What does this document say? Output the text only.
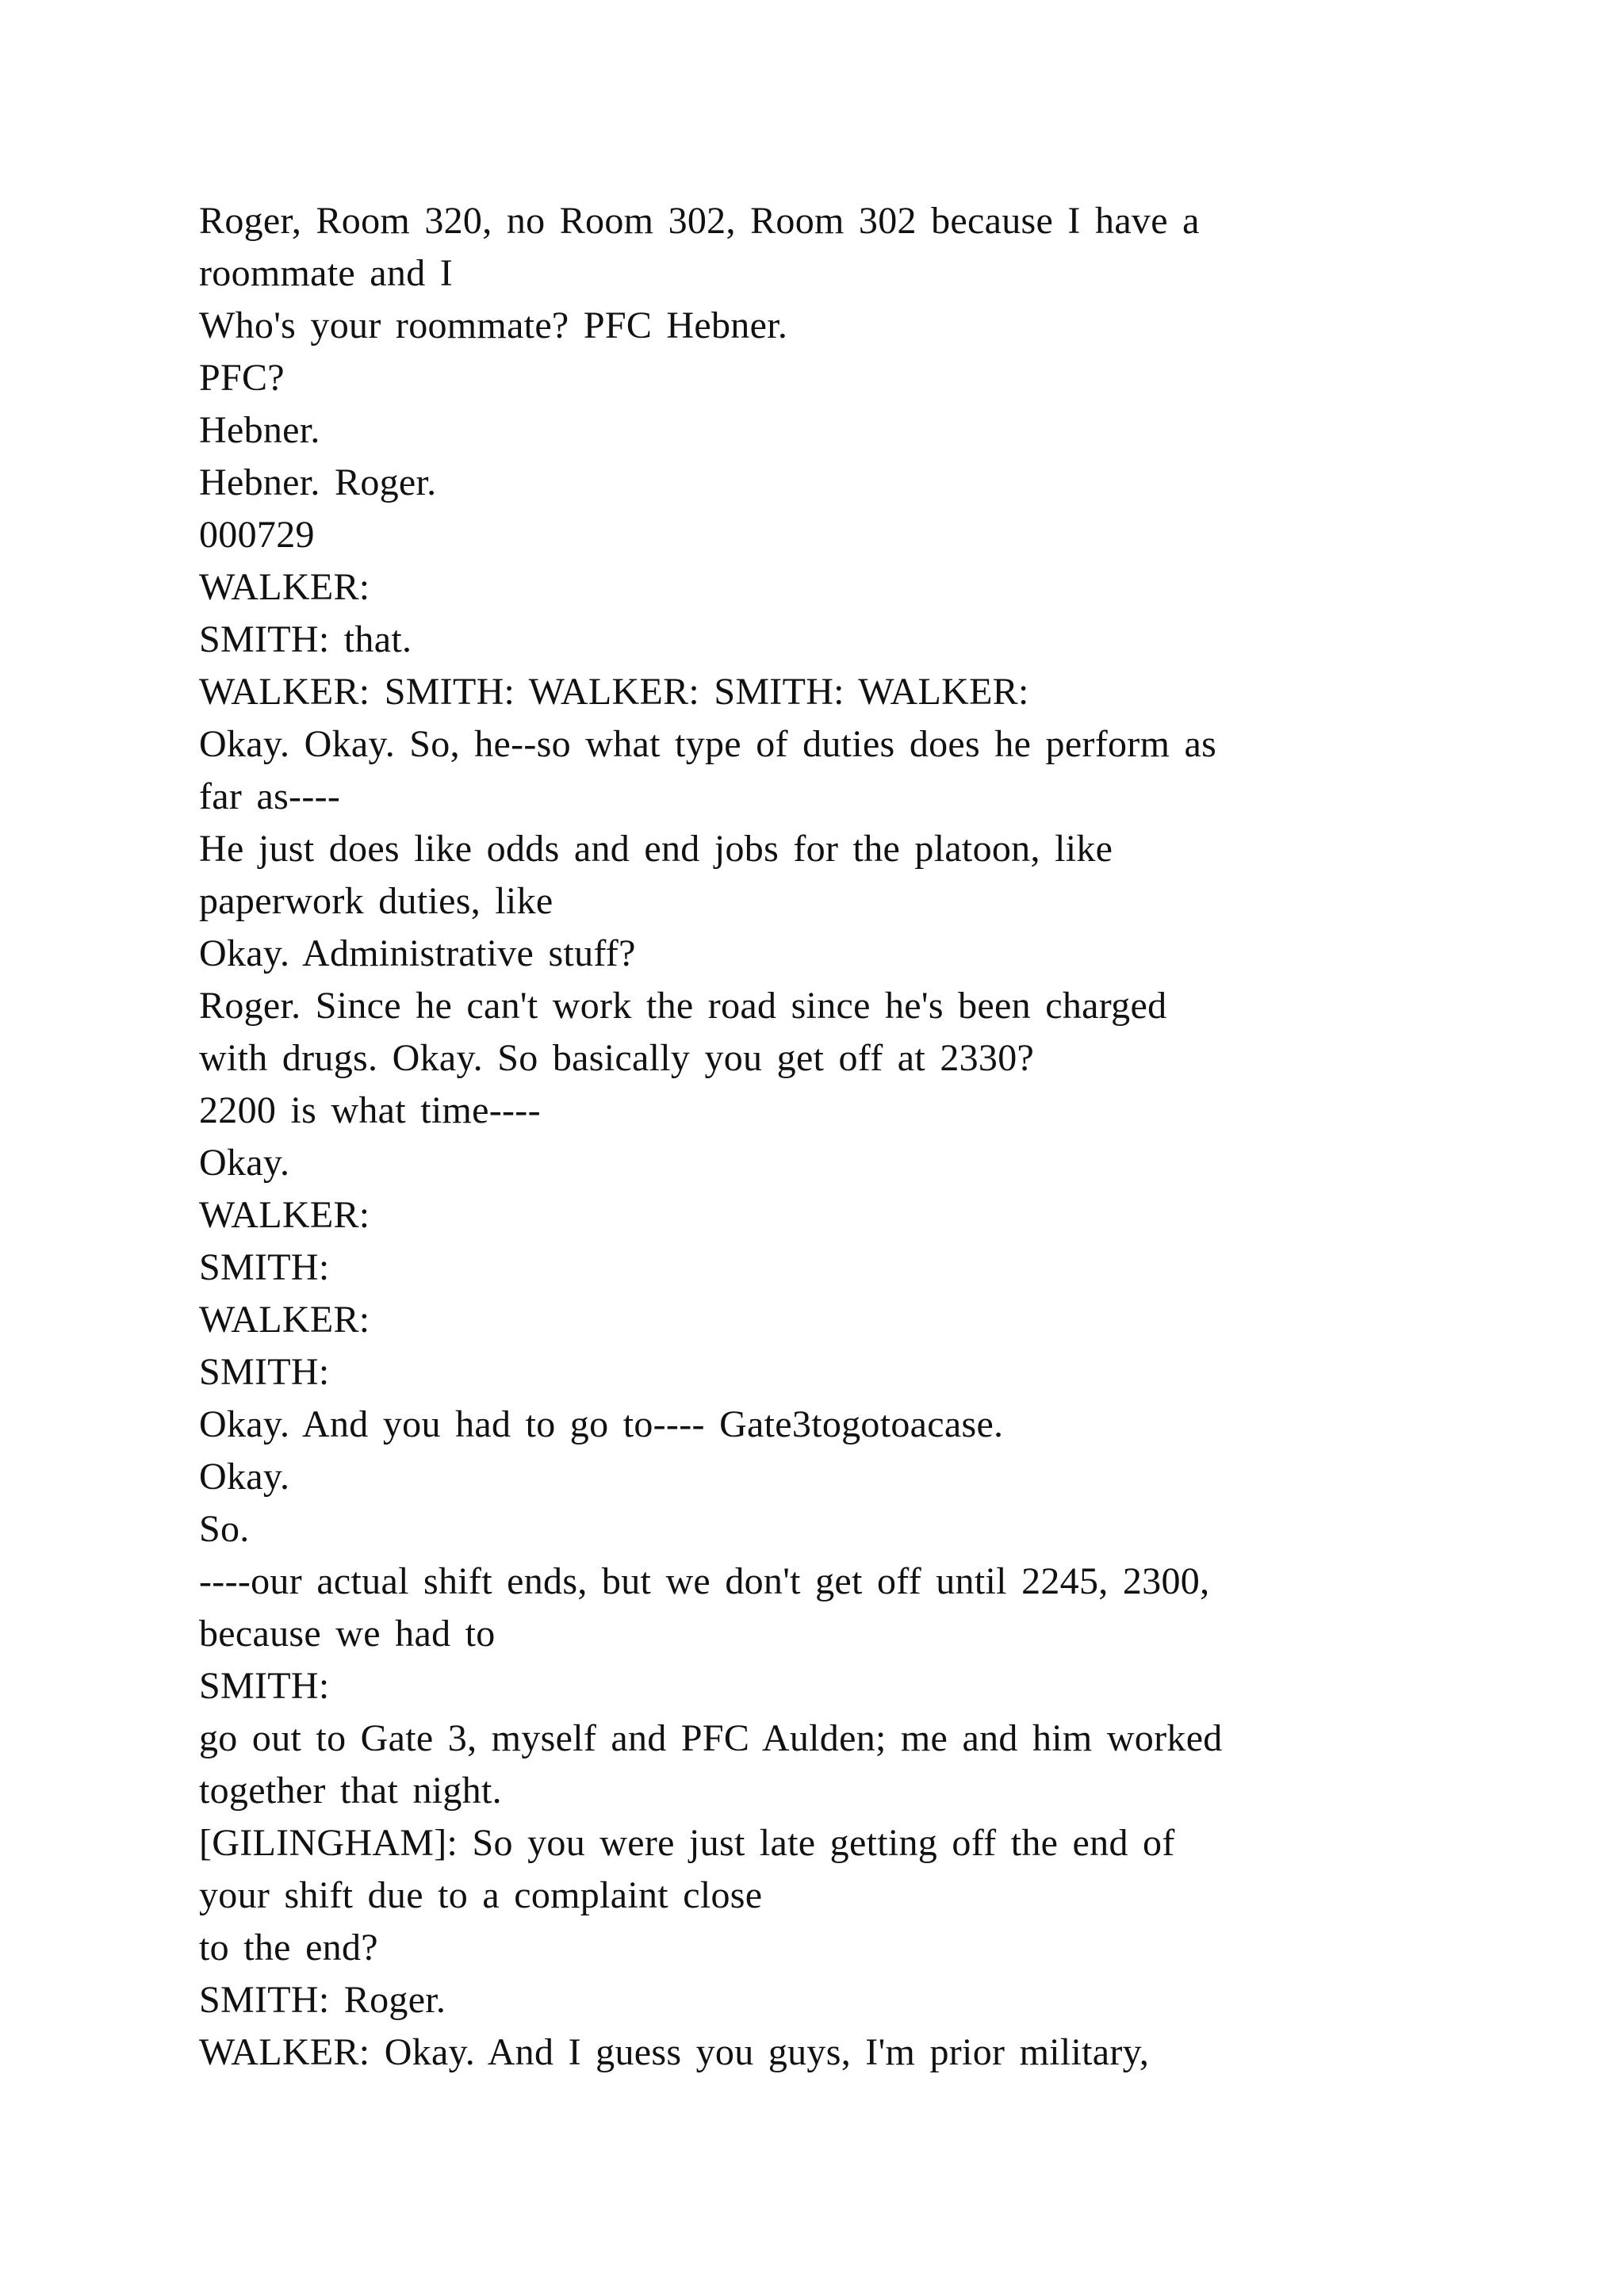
Roger, Room 320, no Room 302, Room 302 because I have a
roommate and I
Who's your roommate? PFC Hebner.
PFC?
Hebner.
Hebner. Roger.
000729
WALKER:
SMITH: that.
WALKER: SMITH: WALKER: SMITH: WALKER:
Okay. Okay. So, he--so what type of duties does he perform as
far as----
He just does like odds and end jobs for the platoon, like
paperwork duties, like
Okay. Administrative stuff?
Roger. Since he can't work the road since he's been charged
with drugs. Okay. So basically you get off at 2330?
2200 is what time----
Okay.
WALKER:
SMITH:
WALKER:
SMITH:
Okay. And you had to go to---- Gate3togotoacase.
Okay.
So.
----our actual shift ends, but we don't get off until 2245, 2300,
because we had to
SMITH:
go out to Gate 3, myself and PFC Aulden; me and him worked
together that night.
[GILINGHAM]: So you were just late getting off the end of
your shift due to a complaint close
to the end?
SMITH: Roger.
WALKER: Okay. And I guess you guys, I'm prior military,
